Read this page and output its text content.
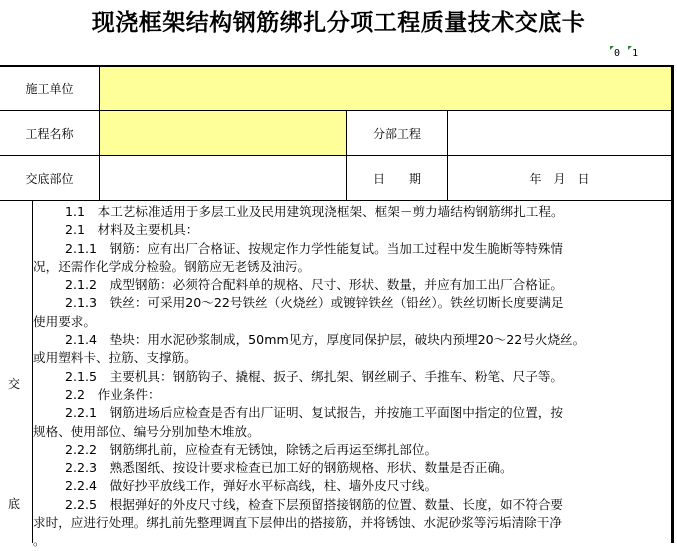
现浇框架结构钢筋绑扎分项工程质量技术交底卡
0 1
施工单位
工程名称	分部工程
交底部位	日　　期	年　月　日
交
底

1.1　本工艺标准适用于多层工业及民用建筑现浇框架、框架－剪力墙结构钢筋绑扎工程。

2.1　材料及主要机具：

2.1.1　钢筋：应有出厂合格证、按规定作力学性能复试。当加工过程中发生脆断等特殊情

况，还需作化学成分检验。钢筋应无老锈及油污。

2.1.2　成型钢筋：必须符合配料单的规格、尺寸、形状、数量，并应有加工出厂合格证。

2.1.3　铁丝：可采用20～22号铁丝（火烧丝）或镀锌铁丝（铅丝）。铁丝切断长度要满足

使用要求。

2.1.4　垫块：用水泥砂浆制成，50mm见方，厚度同保护层，破块内预埋20～22号火烧丝。

或用塑料卡、拉筋、支撑筋。

2.1.5　主要机具：钢筋钩子、撬棍、扳子、绑扎架、钢丝刷子、手推车、粉笔、尺子等。

2.2　作业条件：

2.2.1　钢筋进场后应检查是否有出厂证明、复试报告，并按施工平面图中指定的位置，按

规格、使用部位、编号分别加垫木堆放。

2.2.2　钢筋绑扎前，应检查有无锈蚀，除锈之后再运至绑扎部位。

2.2.3　熟悉图纸、按设计要求检查已加工好的钢筋规格、形状、数量是否正确。

2.2.4　做好抄平放线工作，弹好水平标高线，柱、墙外皮尺寸线。

2.2.5　根据弹好的外皮尺寸线，检查下层预留搭接钢筋的位置、数量、长度，如不符合要

求时，应进行处理。绑扎前先整理调直下层伸出的搭接筋，并将锈蚀、水泥砂浆等污垢清除干净

。
